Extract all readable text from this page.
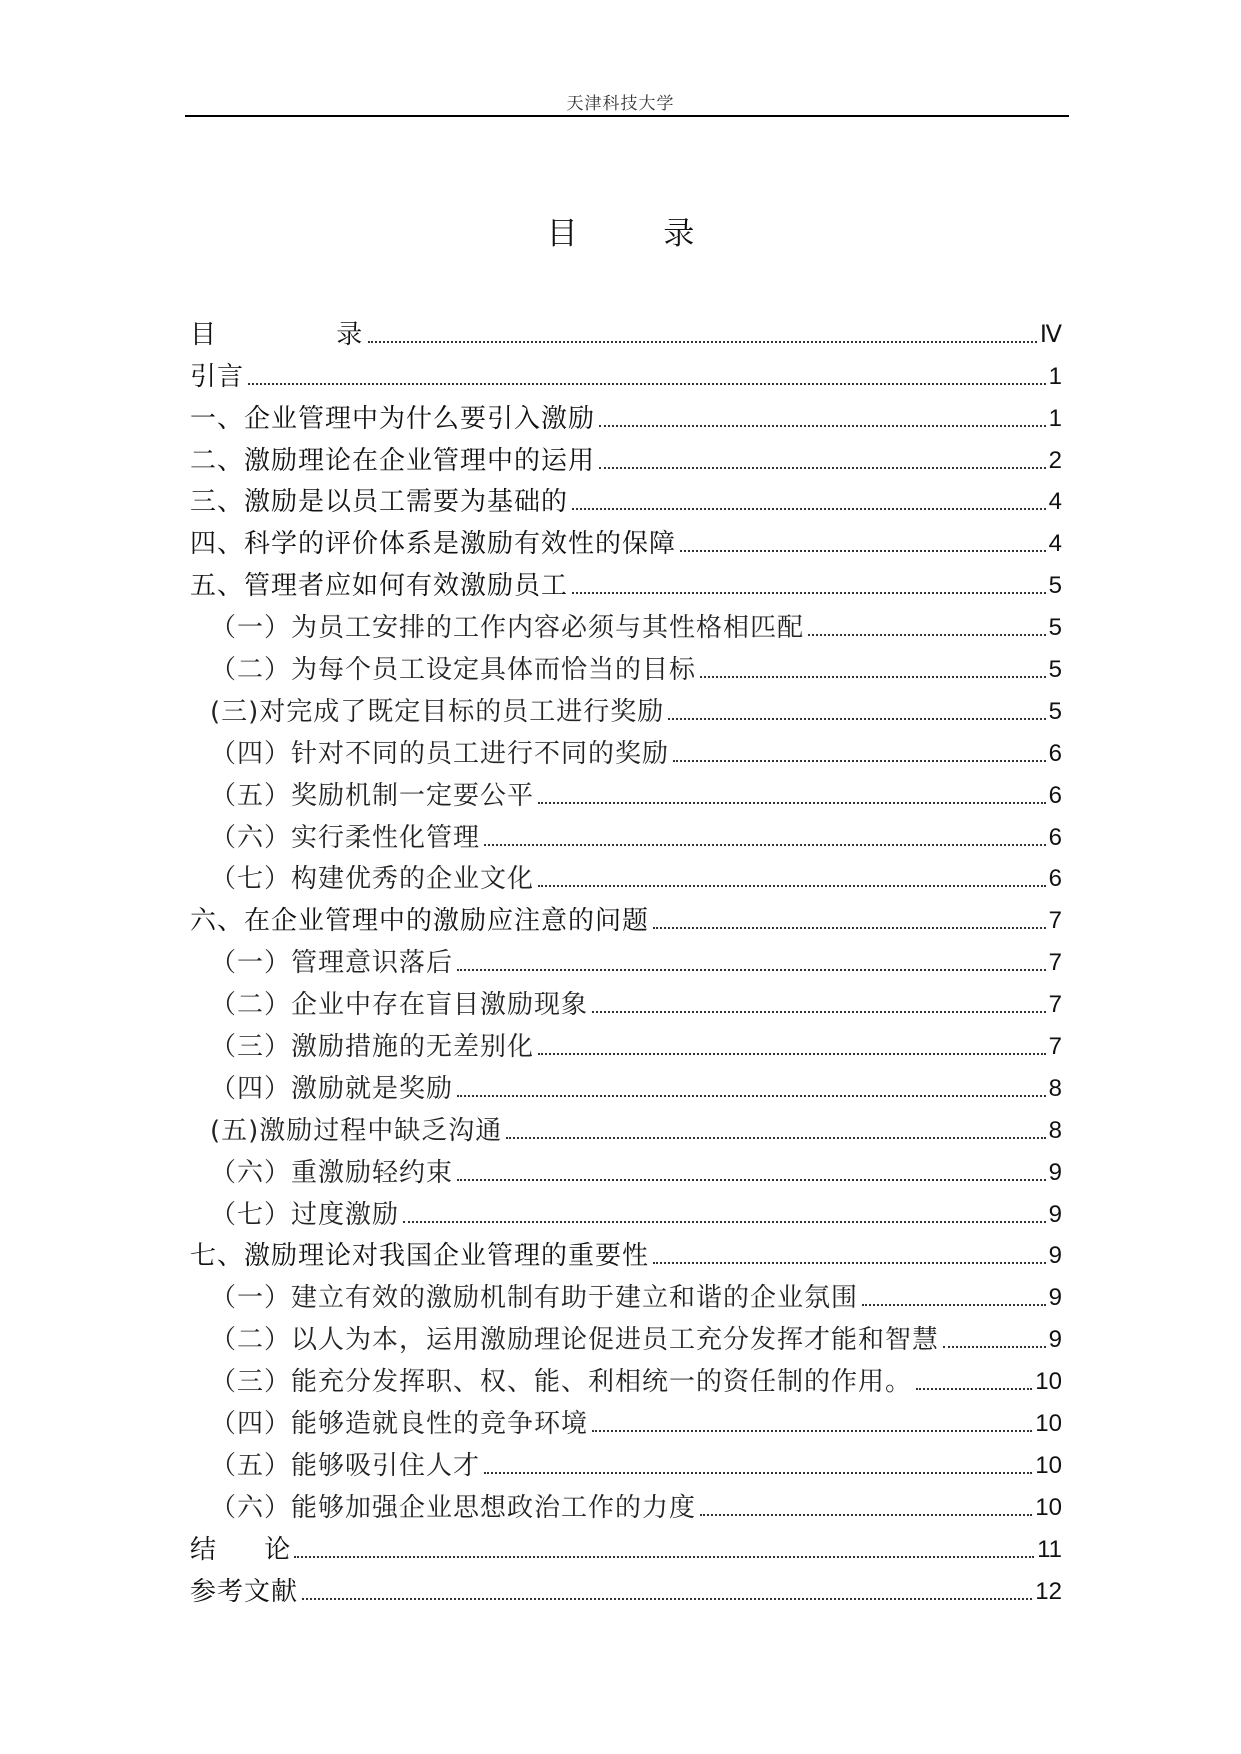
天津科技大学
目 录
目 录	Ⅳ
引言	1
一、企业管理中为什么要引入激励	1
二、激励理论在企业管理中的运用	2
三、激励是以员工需要为基础的	4
四、科学的评价体系是激励有效性的保障	4
五、管理者应如何有效激励员工	5
（一）为员工安排的工作内容必须与其性格相匹配	5
（二）为每个员工设定具体而恰当的目标	5
(三)对完成了既定目标的员工进行奖励	5
（四）针对不同的员工进行不同的奖励	6
（五）奖励机制一定要公平	6
（六）实行柔性化管理	6
（七）构建优秀的企业文化	6
六、在企业管理中的激励应注意的问题	7
（一）管理意识落后	7
（二）企业中存在盲目激励现象	7
（三）激励措施的无差别化	7
（四）激励就是奖励	8
(五)激励过程中缺乏沟通	8
（六）重激励轻约束	9
（七）过度激励	9
七、激励理论对我国企业管理的重要性	9
（一）建立有效的激励机制有助于建立和谐的企业氛围	9
（二）以人为本，运用激励理论促进员工充分发挥才能和智慧	9
（三）能充分发挥职、权、能、利相统一的资任制的作用。	10
（四）能够造就良性的竞争环境	10
（五）能够吸引住人才	10
（六）能够加强企业思想政治工作的力度	10
结 论	11
参考文献	12
